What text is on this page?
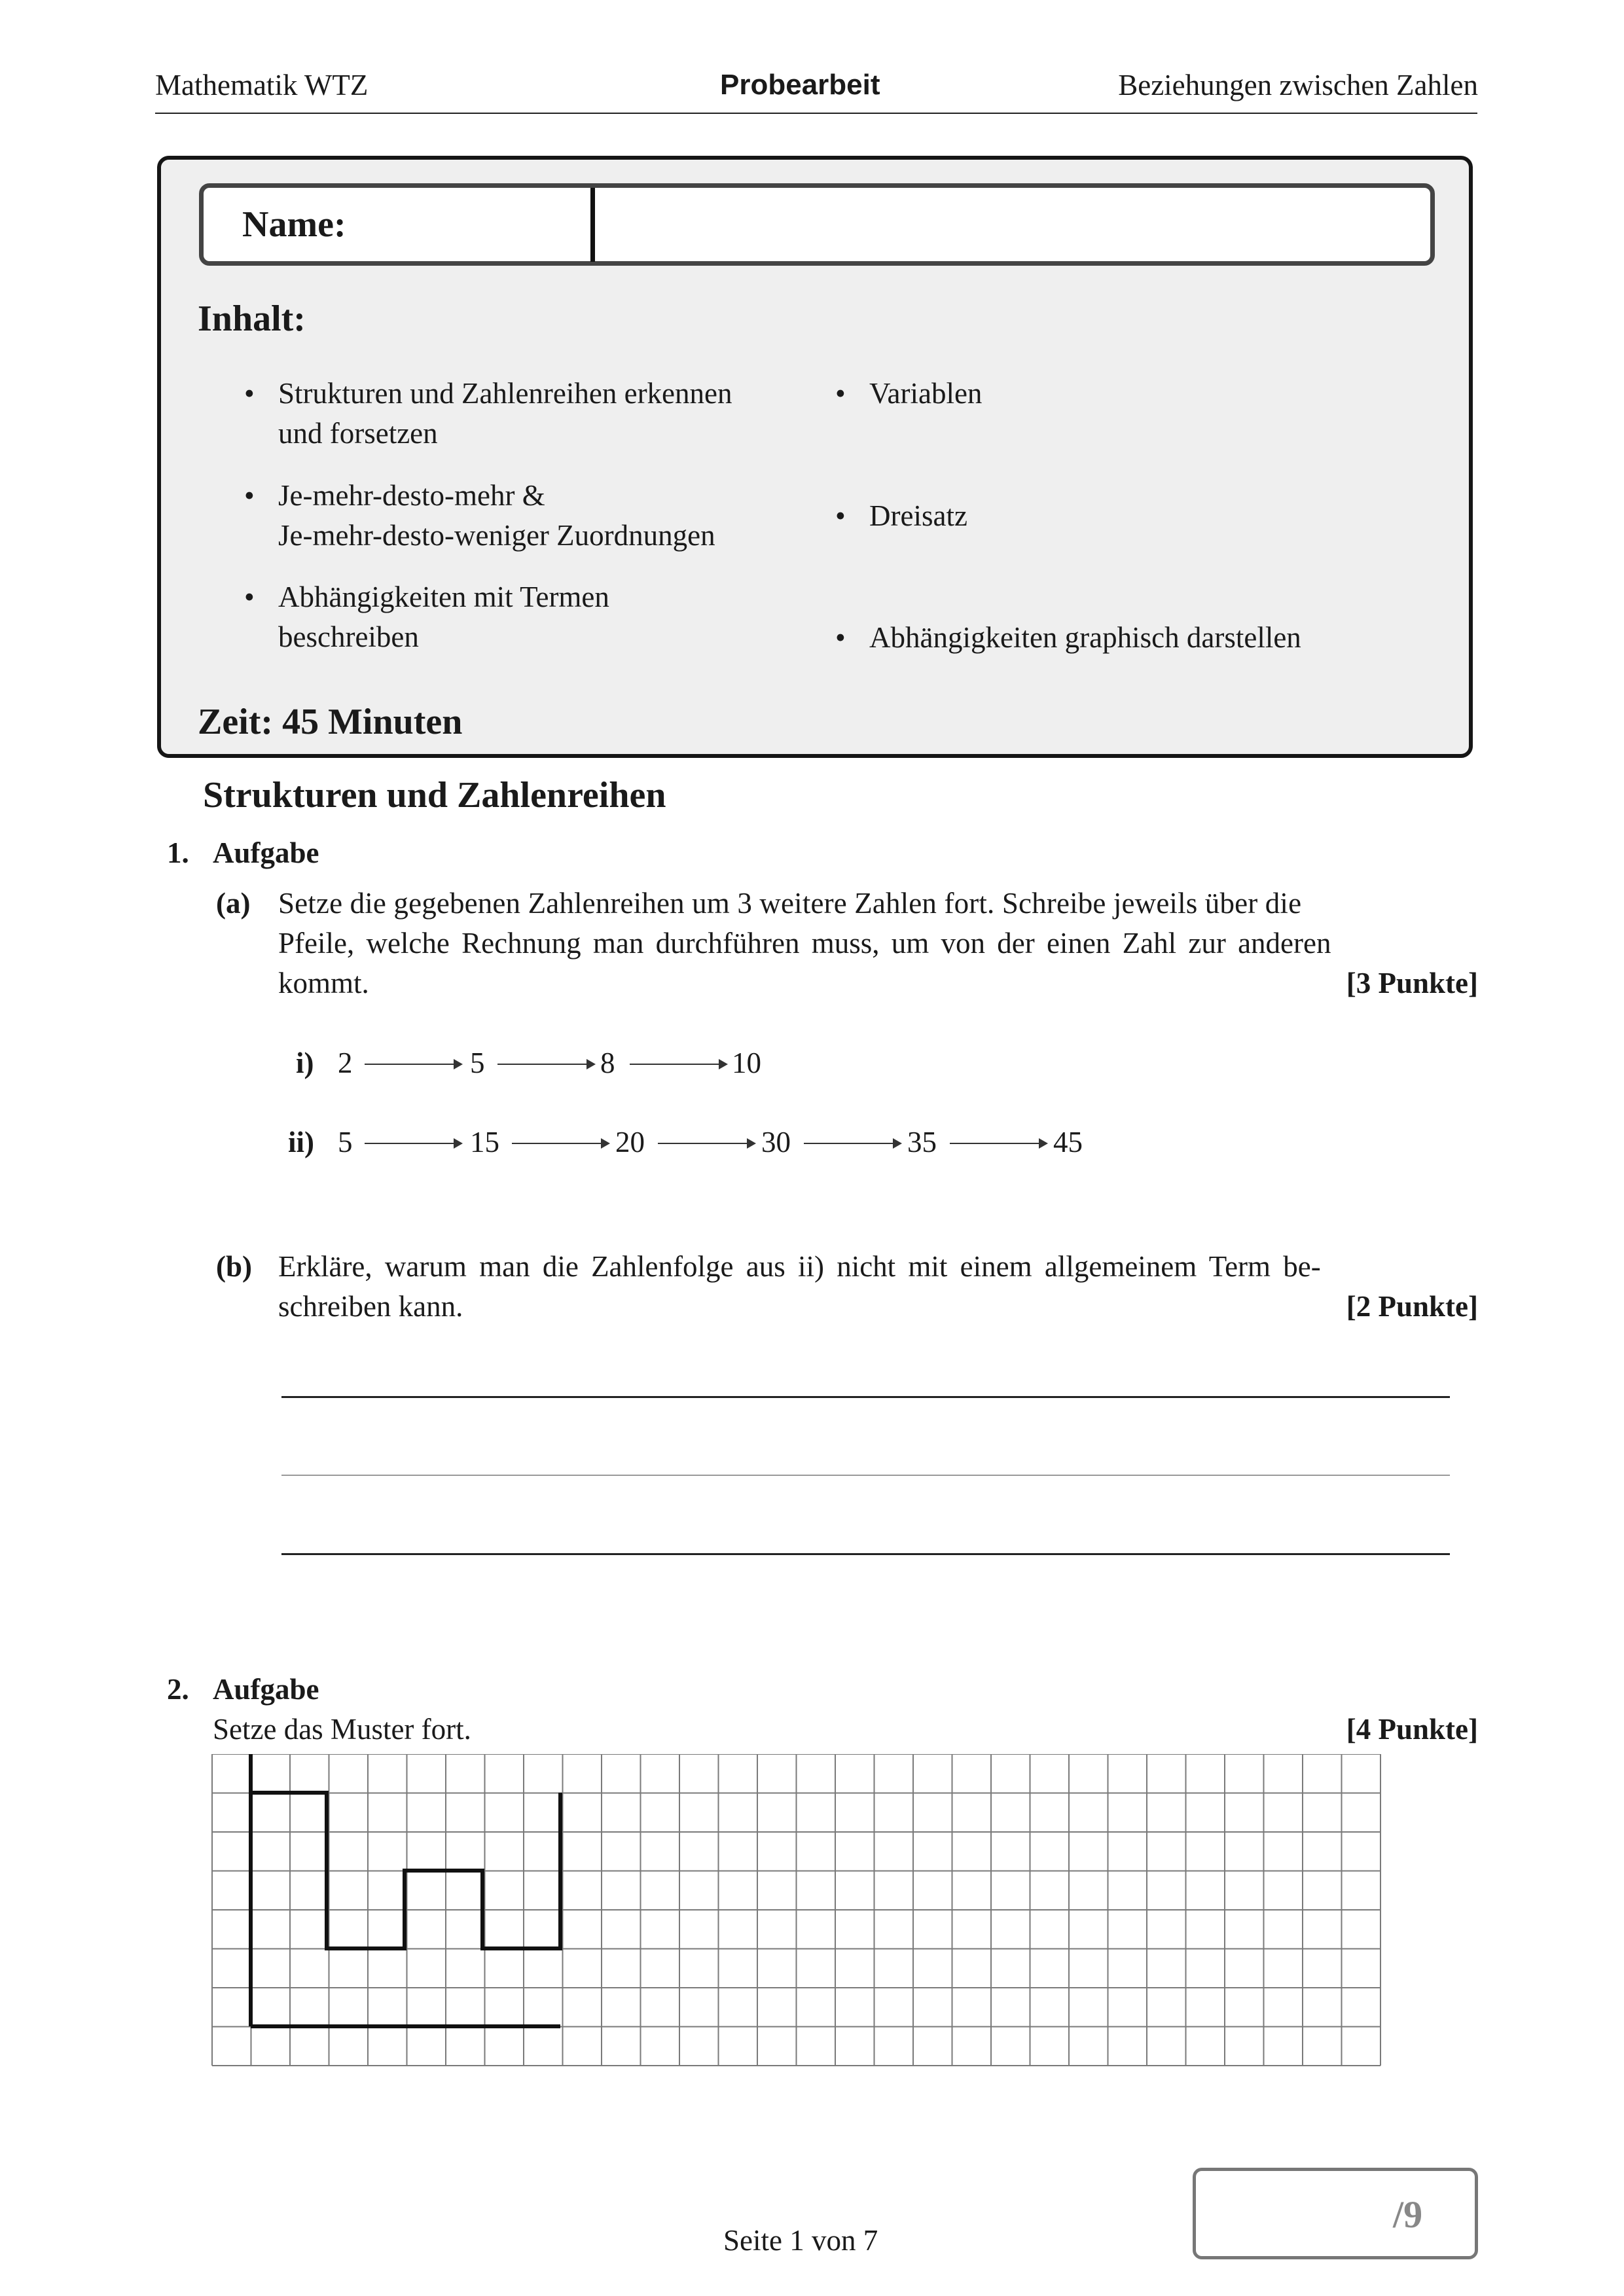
Mathematik WTZ	Probearbeit	Beziehungen zwischen Zahlen
Name:
Inhalt:
• Strukturen und Zahlenreihen erkennen
und forsetzen
• Je-mehr-desto-mehr &
Je-mehr-desto-weniger Zuordnungen
• Abhängigkeiten mit Termen
beschreiben
• Variablen
• Dreisatz
• Abhängigkeiten graphisch darstellen
Zeit: 45 Minuten
Strukturen und Zahlenreihen
1. Aufgabe
(a) Setze die gegebenen Zahlenreihen um 3 weitere Zahlen fort. Schreibe jeweils über die
Pfeile, welche Rechnung man durchführen muss, um von der einen Zahl zur anderen
kommt.	[3 Punkte]
i) 2	5	8	10
ii) 5	15	20	30	35	45
(b) Erkläre, warum man die Zahlenfolge aus ii) nicht mit einem allgemeinem Term be-
schreiben kann.	[2 Punkte]
2. Aufgabe
Setze das Muster fort.	[4 Punkte]
/9
Seite 1 von 7
